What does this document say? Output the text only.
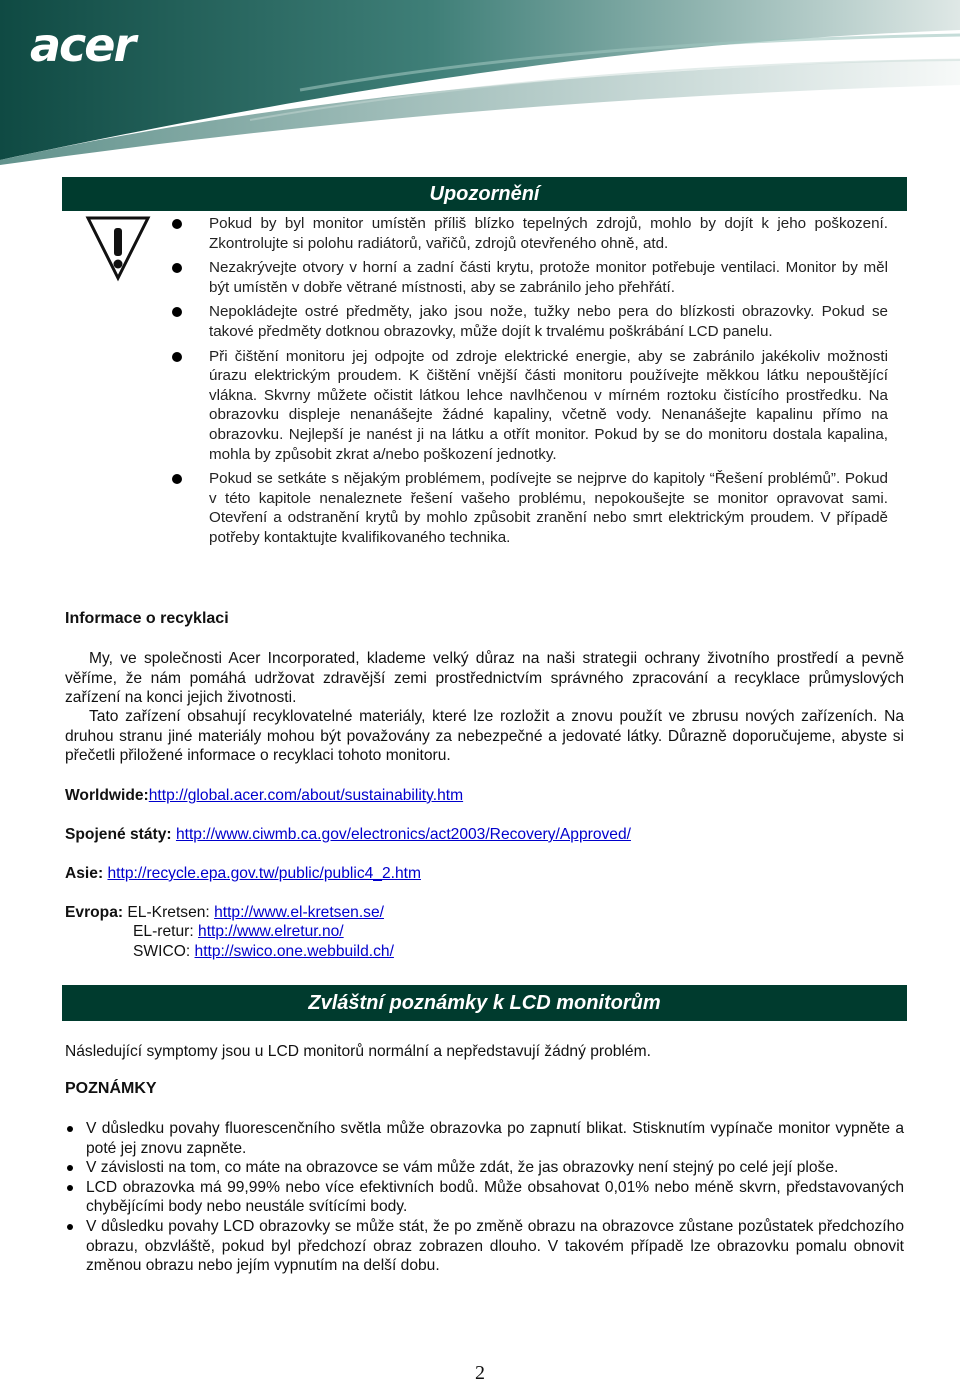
acer
Upozornění
Pokud by byl monitor umístěn příliš blízko tepelných zdrojů, mohlo by dojít k jeho poškození. Zkontrolujte si polohu radiátorů, vařičů, zdrojů otevřeného ohně, atd.
Nezakrývejte otvory v horní a zadní části krytu, protože monitor potřebuje ventilaci. Monitor by měl být umístěn v dobře větrané místnosti, aby se zabránilo jeho přehřátí.
Nepokládejte ostré předměty, jako jsou nože, tužky nebo pera do blízkosti obrazovky. Pokud se takové předměty dotknou obrazovky, může dojít k trvalému poškrábání LCD panelu.
Při čištění monitoru jej odpojte od zdroje elektrické energie, aby se zabránilo jakékoliv možnosti úrazu elektrickým proudem. K čištění vnější části monitoru používejte měkkou látku nepouštějící vlákna. Skvrny můžete očistit látkou lehce navlhčenou v mírném roztoku čistícího prostředku. Na obrazovku displeje nenanášejte žádné kapaliny, včetně vody. Nenanášejte kapalinu přímo na obrazovku. Nejlepší je nanést ji na látku a otřít monitor. Pokud by se do monitoru dostala kapalina, mohla by způsobit zkrat a/nebo poškození jednotky.
Pokud se setkáte s nějakým problémem, podívejte se nejprve do kapitoly “Řešení problémů”. Pokud v této kapitole nenaleznete řešení vašeho problému, nepokoušejte se monitor opravovat sami. Otevření a odstranění krytů by mohlo způsobit zranění nebo smrt elektrickým proudem. V případě potřeby kontaktujte kvalifikovaného technika.
Informace o recyklaci

My, ve společnosti Acer Incorporated, klademe velký důraz na naši strategii ochrany životního prostředí a pevně věříme, že nám pomáhá udržovat zdravější zemi prostřednictvím správného zpracování a recyklace průmyslových zařízení na konci jejich životnosti.

Tato zařízení obsahují recyklovatelné materiály, které lze rozložit a znovu použít ve zbrusu nových zařízeních. Na druhou stranu jiné materiály mohou být považovány za nebezpečné a jedovaté látky. Důrazně doporučujeme, abyste si přečetli přiložené informace o recyklaci tohoto monitoru.

Worldwide:http://global.acer.com/about/sustainability.htm
Spojené státy: http://www.ciwmb.ca.gov/electronics/act2003/Recovery/Approved/
Asie: http://recycle.epa.gov.tw/public/public4_2.htm
Evropa: EL-Kretsen: http://www.el-kretsen.se/
EL-retur: http://www.elretur.no/
SWICO: http://swico.one.webbuild.ch/
Zvláštní poznámky k LCD monitorům
Následující symptomy jsou u LCD monitorů normální a nepředstavují žádný problém.
POZNÁMKY
V důsledku povahy fluorescenčního světla může obrazovka po zapnutí blikat. Stisknutím vypínače monitor vypněte a poté jej znovu zapněte.
V závislosti na tom, co máte na obrazovce se vám může zdát, že jas obrazovky není stejný po celé její ploše.
LCD obrazovka má 99,99% nebo více efektivních bodů. Může obsahovat 0,01% nebo méně skvrn, představovaných chybějícími body nebo neustále svítícími body.
V důsledku povahy LCD obrazovky se může stát, že po změně obrazu na obrazovce zůstane pozůstatek předchozího obrazu, obzvláště, pokud byl předchozí obraz zobrazen dlouho. V takovém případě lze obrazovku pomalu obnovit změnou obrazu nebo jejím vypnutím na delší dobu.
2
